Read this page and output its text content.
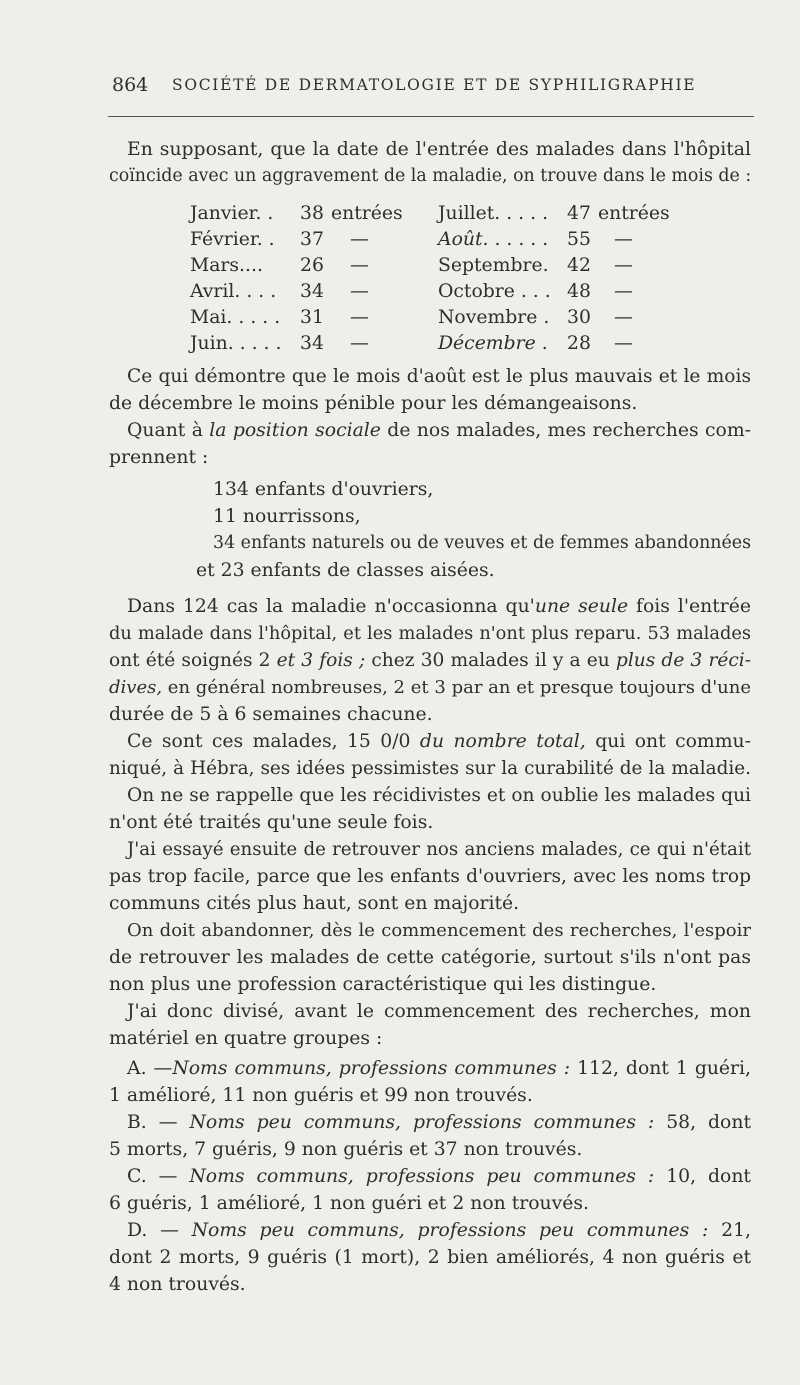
864 SOCIÉTÉ DE DERMATOLOGIE ET DE SYPHILIGRAPHIE
En supposant, que la date de l'entrée des malades dans l'hôpital
coïncide avec un aggravement de la maladie, on trouve dans le mois de :
Janvier. . 38 entrées Juillet. . . . . 47 entrées
Février. . 37 —	Août. . . . . . 55 —
Mars.... 26 —	Septembre. 42 —
Avril. . . . 34 —	Octobre . . . 48 —
Mai. . . . . 31 —	Novembre . 30 —
Juin. . . . . 34 —	Décembre . 28 —
Ce qui démontre que le mois d'août est le plus mauvais et le mois
de décembre le moins pénible pour les démangeaisons.
Quant à la position sociale de nos malades, mes recherches com-
prennent :
134 enfants d'ouvriers,
11 nourrissons,
34 enfants naturels ou de veuves et de femmes abandonnées
et 23 enfants de classes aisées.
Dans 124 cas la maladie n'occasionna qu'une seule fois l'entrée
du malade dans l'hôpital, et les malades n'ont plus reparu. 53 malades
ont été soignés 2 et 3 fois ; chez 30 malades il y a eu plus de 3 réci-
dives, en général nombreuses, 2 et 3 par an et presque toujours d'une
durée de 5 à 6 semaines chacune.
Ce sont ces malades, 15 0/0 du nombre total, qui ont commu-
niqué, à Hébra, ses idées pessimistes sur la curabilité de la maladie.
On ne se rappelle que les récidivistes et on oublie les malades qui
n'ont été traités qu'une seule fois.
J'ai essayé ensuite de retrouver nos anciens malades, ce qui n'était
pas trop facile, parce que les enfants d'ouvriers, avec les noms trop
communs cités plus haut, sont en majorité.
On doit abandonner, dès le commencement des recherches, l'espoir
de retrouver les malades de cette catégorie, surtout s'ils n'ont pas
non plus une profession caractéristique qui les distingue.
J'ai donc divisé, avant le commencement des recherches, mon
matériel en quatre groupes :
A. —Noms communs, professions communes : 112, dont 1 guéri,
1 amélioré, 11 non guéris et 99 non trouvés.
B. — Noms peu communs, professions communes : 58, dont
5 morts, 7 guéris, 9 non guéris et 37 non trouvés.
C. — Noms communs, professions peu communes : 10, dont
6 guéris, 1 amélioré, 1 non guéri et 2 non trouvés.
D. — Noms peu communs, professions peu communes : 21,
dont 2 morts, 9 guéris (1 mort), 2 bien améliorés, 4 non guéris et
4 non trouvés.
